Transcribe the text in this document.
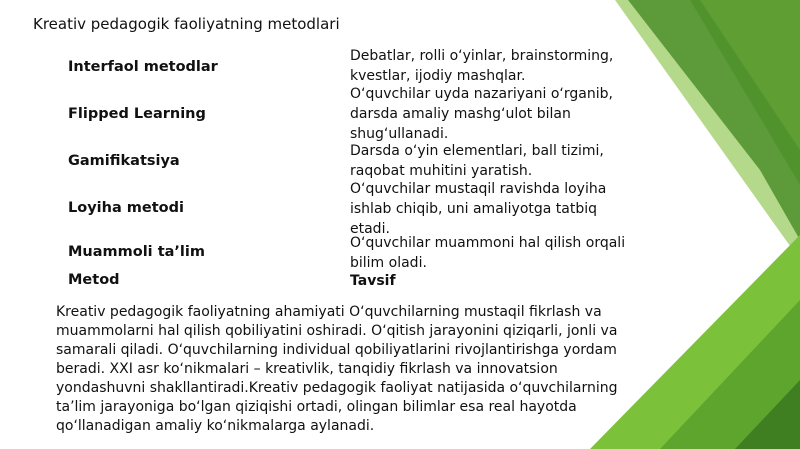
Kreativ pedagogik faoliyatning metodlari
Interfaol metodlar
Debatlar, rolli o‘yinlar, brainstorming, kvestlar, ijodiy mashqlar.
Flipped Learning
O‘quvchilar uyda nazariyani o‘rganib, darsda amaliy mashg‘ulot bilan shug‘ullanadi.
Gamifikatsiya
Darsda o‘yin elementlari, ball tizimi, raqobat muhitini yaratish.
Loyiha metodi
O‘quvchilar mustaqil ravishda loyiha ishlab chiqib, uni amaliyotga tatbiq etadi.
Muammoli ta’lim
O‘quvchilar muammoni hal qilish orqali bilim oladi.
Metod	Tavsif
Kreativ pedagogik faoliyatning ahamiyati O‘quvchilarning mustaqil fikrlash va muammolarni hal qilish qobiliyatini oshiradi. O‘qitish jarayonini qiziqarli, jonli va samarali qiladi. O‘quvchilarning individual qobiliyatlarini rivojlantirishga yordam beradi. XXI asr ko‘nikmalari – kreativlik, tanqidiy fikrlash va innovatsion yondashuvni shakllantiradi.Kreativ pedagogik faoliyat natijasida o‘quvchilarning ta’lim jarayoniga bo‘lgan qiziqishi ortadi, olingan bilimlar esa real hayotda qo‘llanadigan amaliy ko‘nikmalarga aylanadi.
